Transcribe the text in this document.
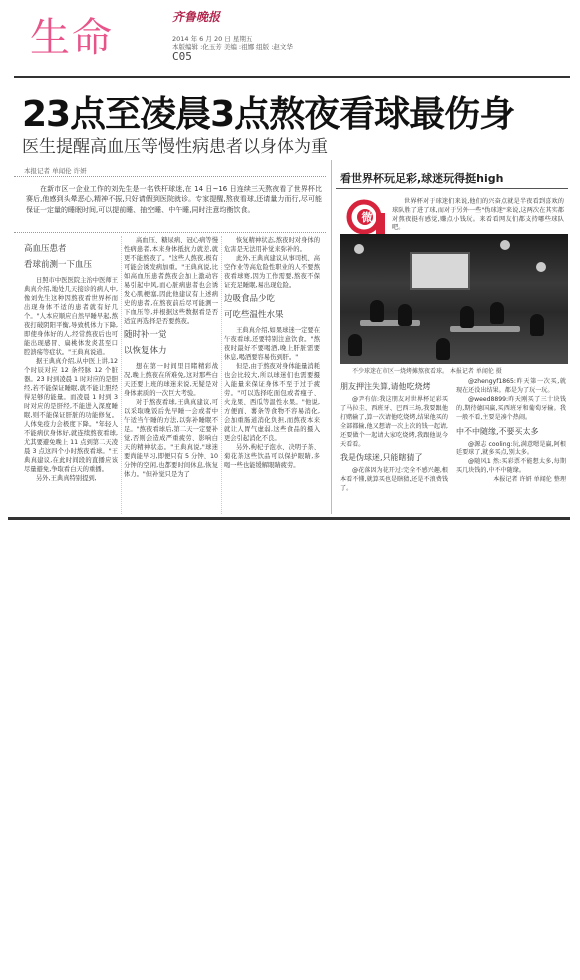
生命	齐鲁晚报
2014 年 6 月 20 日 星期五
本版编辑 :化玉芳 美编 :祖娜 组版 :赵文华
C05
23点至凌晨3点熬夜看球最伤身
医生提醒高血压等慢性病患者以身体为重
本报记者 单闻伦 许妍
在新市区一企业工作的刘先生是一名铁杆球迷,在 14 日~16 日连续三天熬夜看了世界杯比赛后,他感到头晕恶心,精神不振,只好请假到医院就诊。专家提醒,熬夜看球,还请量力而行,尽可能保证一定量的睡眠时间,可以提前睡、抽空睡、中午睡,同时注意均衡饮食。
高血压患者
看球前测一下血压

日照市中医医院主治中医师王典真介绍,地处几天接诊的病人中,像刘先生这种因熬夜看世界杯而出现身体不适的患者就有好几个。"人本应顺应自然早睡早起,熬夜打破阴阳平衡,导致机体力下降,即使身体好的人,经常熬夜后也可能出现感冒、扁桃体发炎甚至口腔溃疡等症状。"王典真说道。

据王典真介绍,从中医上讲,12 个时辰对应 12 条经脉 12 个脏器。23 时到凌晨 1 时对应的是胆经,若不能保证睡眠,就不能让胆经得足够的能量。而凌晨 1 时到 3 时对应的是肝经,不能进入深度睡眠,则不能保证肝脏的功能修复。人体免疫力会极度下降。"年轻人不能病伏身体好,就连续熬夜看球,尤其要避免晚上 11 点到第二天凌晨 3 点这四个小时熬夜看球。"王典真建议,在此时间段的直播应该尽量避免,争取看白天的重播。

另外,王典真特别提到,

高血压、糖尿病、冠心病等慢性病患者,本来身体抵抗力就差,就更不能熬夜了。"这些人熬夜,极有可能会诱发病加重。"王典真说,比如高血压患者熬夜会加上激动容易引起中风,而心脏病患者也会诱发心肌梗塞,因此他建议有上述病史的患者,在熬夜前后尽可能测一下血压等,并根据这些数据看是否适宜再选择是否要熬夜。

随时补一觉
以恢复体力

想在第一时间里目睹精彩战况,晚上熬夜在所难免,这对那些白天还要上班的球迷来说,无疑是对身体素质的一次巨大考验。

对于熬夜看球,王典真建议,可以采取晚饭后先早睡一会或者中午适当午睡的方法,以弥补睡眠不足。"熬夜看球后,第二天一定要补觉,否则会造成严重疲劳、影响白天的精神状态。"王典真说,"球迷要尚能早习,即便只有 5 分钟、10 分钟的空闲,也都要时间休息,恢复体力。"但补觉只是为了

恢复精神状态,熬夜时对身体的危害是无法用补觉来弥补的。

此外,王典真建议从事司机、高空作业等高危险性职业的人不要熬夜看球赛,因为工作需要,熬夜不保证充足睡眠,易出现危险。

边吸食品少吃
可吃些温性水果

王典真介绍,如果球迷一定要在午夜看球,还要特别注意饮食。"熬夜时最好不要喝酒,晚上肝脏需要休息,喝酒要容易伤到肝。"

但是,由于熬夜对身体能量消耗也会比较大,所以球迷们也需要摄入能量来保证身体不至于过于疲劳。"可以选择吃面包或者瘦子、火龙果、西瓜等温性水果。"他说,方便面、薯条等食物不容易消化,会加重肠道消化负担,而熬夜本来就让人胃气虚弱,这些食品的摄入更会引起消化不良。

另外,枸杞子泡水、决明子茶、菊花茶这些饮品可以保护眼睛,多喝一些也能缓解眼睛疲劳。

看世界杯玩足彩,球迷玩得挺high
微
世界杯对于球迷们来说,他们的兴奋点就是半夜看到喜欢的球队胜了进了球,而对于另外一些"伪球迷"来说,这两次在其实都对熬夜挺有感觉,赚点小钱玩。来看看网友们都支持哪些球队吧。
不少球迷在市区一烧烤摊熬夜看球。 本报记者 单闻伦 摄
朋友押注失算,请他吃烧烤

@尹有信:我这朋友对世界杯足彩买了马拉圭、西班牙、巴西三场,我要跟他打赌输了,算一次请他吃烧烤,结果他买的全部都输,他又想请一次上次的钱一起请,还要做个一起请大家吃烧烤,我跟他说今天看看。

我是伪球迷,只能瞎猜了

@花落因为花开过:完全不感兴趣,根本看不懂,就算买也是瞎猜,还是不浪费钱了。

@zhengyf1865:昨天第一次买,就现在还没出结果。都是为了玩一玩。

@weed8899:昨天刚买了三十块钱的,期待德国赢,买西班牙和葡萄牙输。我一般不看,主要是凑个热闹。

中不中随缘,不要买太多

@源志 cooling:玩,满意嗯是赢,阿根廷要球了,就多买点,别太多。

@随风1 然:买彩票不能想太多,每期买几块钱的,中不中随缘。

本报记者 许妍 单闻伦 整理
